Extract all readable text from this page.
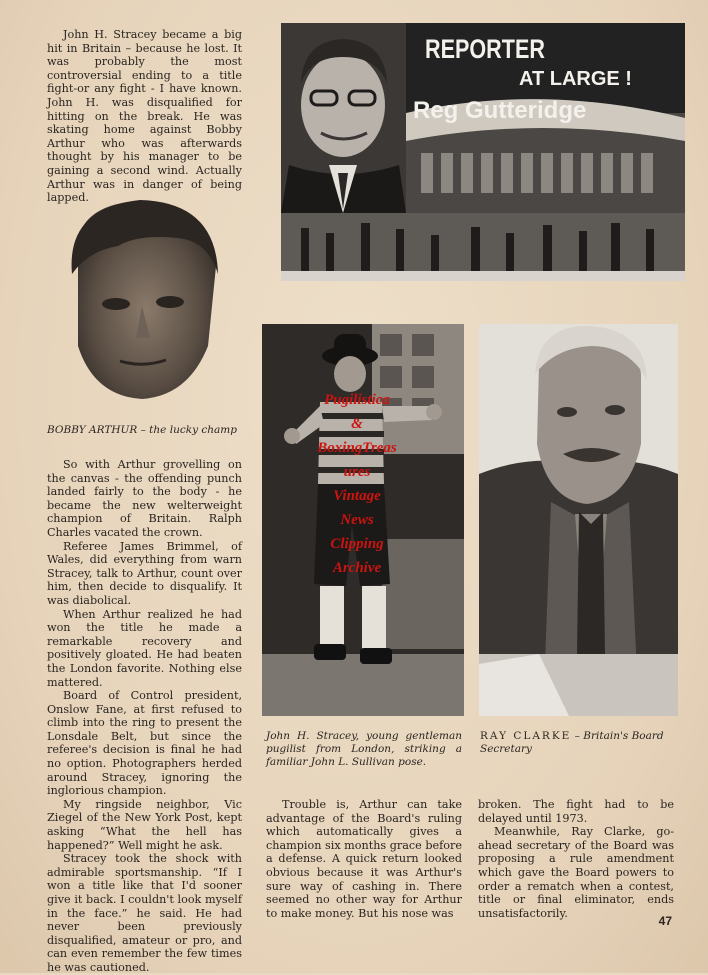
John H. Stracey became a big hit in Britain – because he lost. It was probably the most controversial ending to a title fight-or any fight - I have known. John H. was disqualified for hitting on the break. He was skating home against Bobby Arthur who was afterwards thought by his manager to be gaining a second wind. Actually Arthur was in danger of being lapped.

BOBBY ARTHUR – the lucky champ

So with Arthur grovelling on the canvas - the offending punch landed fairly to the body - he became the new welterweight champion of Britain. Ralph Charles vacated the crown.

Referee James Brimmel, of Wales, did everything from warn Stracey, talk to Arthur, count over him, then decide to disqualify. It was diabolical.

When Arthur realized he had won the title he made a remarkable recovery and positively gloated. He had beaten the London favorite. Nothing else mattered.

Board of Control president, Onslow Fane, at first refused to climb into the ring to present the Lonsdale Belt, but since the referee's decision is final he had no option. Photographers herded around Stracey, ignoring the inglorious champion.

My ringside neighbor, Vic Ziegel of the New York Post, kept asking “What the hell has happened?” Well might he ask.

Stracey took the shock with admirable sportsmanship. “If I won a title like that I'd sooner give it back. I couldn't look myself in the face.” he said. He had never been previously disqualified, amateur or pro, and can even remember the few times he was cautioned.

REPORTER
AT LARGE !
Reg Gutteridge
Pugilistica
&
BoxingTreas
ures
Vintage
News
Clipping
Archive
John H. Stracey, young gentleman pugilist from London, striking a familiar John L. Sullivan pose.
RAY CLARKE – Britain's Board Secretary

Trouble is, Arthur can take advantage of the Board's ruling which automatically gives a champion six months grace before a defense. A quick return looked obvious because it was Arthur's sure way of cashing in. There seemed no other way for Arthur to make money. But his nose was

broken. The fight had to be delayed until 1973.

Meanwhile, Ray Clarke, go-ahead secretary of the Board was proposing a rule amendment which gave the Board powers to order a rematch when a contest, title or final eliminator, ends unsatisfactorily.

47
